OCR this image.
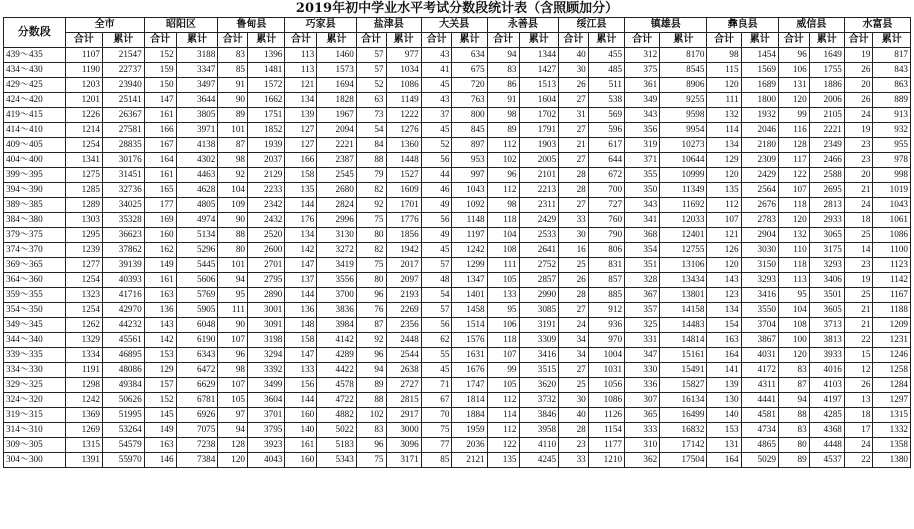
2019年初中学业水平考试分数段统计表（含照顾加分）
分数段	全市		昭阳区		鲁甸县		巧家县		盐津县		大关县		永善县		绥江县		镇雄县		彝良县		威信县		水富县	
	合计	累计	合计	累计	合计	累计	合计	累计	合计	累计	合计	累计	合计	累计	合计	累计	合计	累计	合计	累计	合计	累计	合计	累计
439～435	1107	21547	152	3188	83	1396	113	1460	57	977	43	634	94	1344	40	455	312	8170	98	1454	96	1649	19	817
434～430	1190	22737	159	3347	85	1481	113	1573	57	1034	41	675	83	1427	30	485	375	8545	115	1569	106	1755	26	843
429～425	1203	23940	150	3497	91	1572	121	1694	52	1086	45	720	86	1513	26	511	361	8906	120	1689	131	1886	20	863
424～420	1201	25141	147	3644	90	1662	134	1828	63	1149	43	763	91	1604	27	538	349	9255	111	1800	120	2006	26	889
419～415	1226	26367	161	3805	89	1751	139	1967	73	1222	37	800	98	1702	31	569	343	9598	132	1932	99	2105	24	913
414～410	1214	27581	166	3971	101	1852	127	2094	54	1276	45	845	89	1791	27	596	356	9954	114	2046	116	2221	19	932
409～405	1254	28835	167	4138	87	1939	127	2221	84	1360	52	897	112	1903	21	617	319	10273	134	2180	128	2349	23	955
404～400	1341	30176	164	4302	98	2037	166	2387	88	1448	56	953	102	2005	27	644	371	10644	129	2309	117	2466	23	978
399～395	1275	31451	161	4463	92	2129	158	2545	79	1527	44	997	96	2101	28	672	355	10999	120	2429	122	2588	20	998
394～390	1285	32736	165	4628	104	2233	135	2680	82	1609	46	1043	112	2213	28	700	350	11349	135	2564	107	2695	21	1019
389～385	1289	34025	177	4805	109	2342	144	2824	92	1701	49	1092	98	2311	27	727	343	11692	112	2676	118	2813	24	1043
384～380	1303	35328	169	4974	90	2432	176	2996	75	1776	56	1148	118	2429	33	760	341	12033	107	2783	120	2933	18	1061
379～375	1295	36623	160	5134	88	2520	134	3130	80	1856	49	1197	104	2533	30	790	368	12401	121	2904	132	3065	25	1086
374～370	1239	37862	162	5296	80	2600	142	3272	82	1942	45	1242	108	2641	16	806	354	12755	126	3030	110	3175	14	1100
369～365	1277	39139	149	5445	101	2701	147	3419	75	2017	57	1299	111	2752	25	831	351	13106	120	3150	118	3293	23	1123
364～360	1254	40393	161	5606	94	2795	137	3556	80	2097	48	1347	105	2857	26	857	328	13434	143	3293	113	3406	19	1142
359～355	1323	41716	163	5769	95	2890	144	3700	96	2193	54	1401	133	2990	28	885	367	13801	123	3416	95	3501	25	1167
354～350	1254	42970	136	5905	111	3001	136	3836	76	2269	57	1458	95	3085	27	912	357	14158	134	3550	104	3605	21	1188
349～345	1262	44232	143	6048	90	3091	148	3984	87	2356	56	1514	106	3191	24	936	325	14483	154	3704	108	3713	21	1209
344～340	1329	45561	142	6190	107	3198	158	4142	92	2448	62	1576	118	3309	34	970	331	14814	163	3867	100	3813	22	1231
339～335	1334	46895	153	6343	96	3294	147	4289	96	2544	55	1631	107	3416	34	1004	347	15161	164	4031	120	3933	15	1246
334～330	1191	48086	129	6472	98	3392	133	4422	94	2638	45	1676	99	3515	27	1031	330	15491	141	4172	83	4016	12	1258
329～325	1298	49384	157	6629	107	3499	156	4578	89	2727	71	1747	105	3620	25	1056	336	15827	139	4311	87	4103	26	1284
324～320	1242	50626	152	6781	105	3604	144	4722	88	2815	67	1814	112	3732	30	1086	307	16134	130	4441	94	4197	13	1297
319～315	1369	51995	145	6926	97	3701	160	4882	102	2917	70	1884	114	3846	40	1126	365	16499	140	4581	88	4285	18	1315
314～310	1269	53264	149	7075	94	3795	140	5022	83	3000	75	1959	112	3958	28	1154	333	16832	153	4734	83	4368	17	1332
309～305	1315	54579	163	7238	128	3923	161	5183	96	3096	77	2036	122	4110	23	1177	310	17142	131	4865	80	4448	24	1358
304～300	1391	55970	146	7384	120	4043	160	5343	75	3171	85	2121	135	4245	33	1210	362	17504	164	5029	89	4537	22	1380
